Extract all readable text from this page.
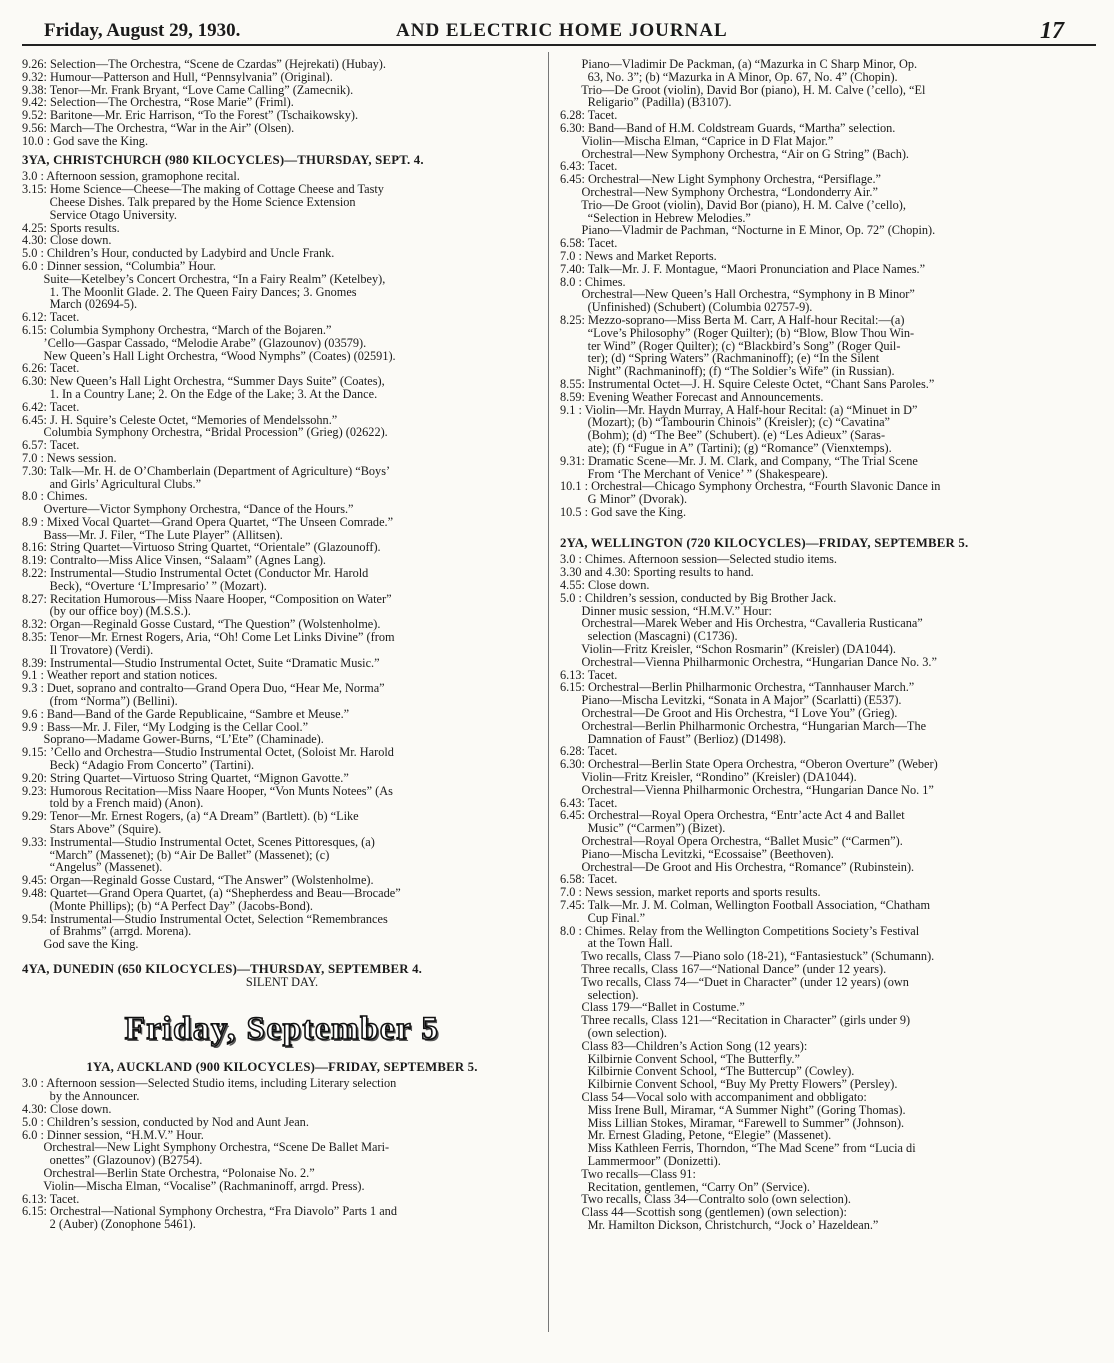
Friday, August 29, 1930.	AND ELECTRIC HOME JOURNAL	17
9.26: Selection—The Orchestra, “Scene de Czardas” (Hejrekati) (Hubay).
9.32: Humour—Patterson and Hull, “Pennsylvania” (Original).
9.38: Tenor—Mr. Frank Bryant, “Love Came Calling” (Zamecnik).
9.42: Selection—The Orchestra, “Rose Marie” (Friml).
9.52: Baritone—Mr. Eric Harrison, “To the Forest” (Tschaikowsky).
9.56: March—The Orchestra, “War in the Air” (Olsen).
10.0 : God save the King.
3YA, CHRISTCHURCH (980 KILOCYCLES)—THURSDAY, SEPT. 4.
3.0 : Afternoon session, gramophone recital.
3.15: Home Science—Cheese—The making of Cottage Cheese and Tasty
Cheese Dishes. Talk prepared by the Home Science Extension
Service Otago University.
4.25: Sports results.
4.30: Close down.
5.0 : Children’s Hour, conducted by Ladybird and Uncle Frank.
6.0 : Dinner session, “Columbia” Hour.
Suite—Ketelbey’s Concert Orchestra, “In a Fairy Realm” (Ketelbey),
1. The Moonlit Glade. 2. The Queen Fairy Dances; 3. Gnomes
March (02694-5).
6.12: Tacet.
6.15: Columbia Symphony Orchestra, “March of the Bojaren.”
’Cello—Gaspar Cassado, “Melodie Arabe” (Glazounov) (03579).
New Queen’s Hall Light Orchestra, “Wood Nymphs” (Coates) (02591).
6.26: Tacet.
6.30: New Queen’s Hall Light Orchestra, “Summer Days Suite” (Coates),
1. In a Country Lane; 2. On the Edge of the Lake; 3. At the Dance.
6.42: Tacet.
6.45: J. H. Squire’s Celeste Octet, “Memories of Mendelssohn.”
Columbia Symphony Orchestra, “Bridal Procession” (Grieg) (02622).
6.57: Tacet.
7.0 : News session.
7.30: Talk—Mr. H. de O’Chamberlain (Department of Agriculture) “Boys’
and Girls’ Agricultural Clubs.”
8.0 : Chimes.
Overture—Victor Symphony Orchestra, “Dance of the Hours.”
8.9 : Mixed Vocal Quartet—Grand Opera Quartet, “The Unseen Comrade.”
Bass—Mr. J. Filer, “The Lute Player” (Allitsen).
8.16: String Quartet—Virtuoso String Quartet, “Orientale” (Glazounoff).
8.19: Contralto—Miss Alice Vinsen, “Salaam” (Agnes Lang).
8.22: Instrumental—Studio Instrumental Octet (Conductor Mr. Harold
Beck), “Overture ‘L’Impresario’ ” (Mozart).
8.27: Recitation Humorous—Miss Naare Hooper, “Composition on Water”
(by our office boy) (M.S.S.).
8.32: Organ—Reginald Gosse Custard, “The Question” (Wolstenholme).
8.35: Tenor—Mr. Ernest Rogers, Aria, “Oh! Come Let Links Divine” (from
Il Trovatore) (Verdi).
8.39: Instrumental—Studio Instrumental Octet, Suite “Dramatic Music.”
9.1 : Weather report and station notices.
9.3 : Duet, soprano and contralto—Grand Opera Duo, “Hear Me, Norma”
(from “Norma”) (Bellini).
9.6 : Band—Band of the Garde Republicaine, “Sambre et Meuse.”
9.9 : Bass—Mr. J. Filer, “My Lodging is the Cellar Cool.”
Soprano—Madame Gower-Burns, “L’Ete” (Chaminade).
9.15: ’Cello and Orchestra—Studio Instrumental Octet, (Soloist Mr. Harold
Beck) “Adagio From Concerto” (Tartini).
9.20: String Quartet—Virtuoso String Quartet, “Mignon Gavotte.”
9.23: Humorous Recitation—Miss Naare Hooper, “Von Munts Notees” (As
told by a French maid) (Anon).
9.29: Tenor—Mr. Ernest Rogers, (a) “A Dream” (Bartlett). (b) “Like
Stars Above” (Squire).
9.33: Instrumental—Studio Instrumental Octet, Scenes Pittoresques, (a)
“March” (Massenet); (b) “Air De Ballet” (Massenet); (c)
“Angelus” (Massenet).
9.45: Organ—Reginald Gosse Custard, “The Answer” (Wolstenholme).
9.48: Quartet—Grand Opera Quartet, (a) “Shepherdess and Beau—Brocade”
(Monte Phillips); (b) “A Perfect Day” (Jacobs-Bond).
9.54: Instrumental—Studio Instrumental Octet, Selection “Remembrances
of Brahms” (arrgd. Morena).
God save the King.
4YA, DUNEDIN (650 KILOCYCLES)—THURSDAY, SEPTEMBER 4.
SILENT DAY.
Friday, September 5
1YA, AUCKLAND (900 KILOCYCLES)—FRIDAY, SEPTEMBER 5.
3.0 : Afternoon session—Selected Studio items, including Literary selection
by the Announcer.
4.30: Close down.
5.0 : Children’s session, conducted by Nod and Aunt Jean.
6.0 : Dinner session, “H.M.V.” Hour.
Orchestral—New Light Symphony Orchestra, “Scene De Ballet Mari-
onettes” (Glazounov) (B2754).
Orchestral—Berlin State Orchestra, “Polonaise No. 2.”
Violin—Mischa Elman, “Vocalise” (Rachmaninoff, arrgd. Press).
6.13: Tacet.
6.15: Orchestral—National Symphony Orchestra, “Fra Diavolo” Parts 1 and
2 (Auber) (Zonophone 5461).
Piano—Vladimir De Packman, (a) “Mazurka in C Sharp Minor, Op.
63, No. 3”; (b) “Mazurka in A Minor, Op. 67, No. 4” (Chopin).
Trio—De Groot (violin), David Bor (piano), H. M. Calve (’cello), “El
Religario” (Padilla) (B3107).
6.28: Tacet.
6.30: Band—Band of H.M. Coldstream Guards, “Martha” selection.
Violin—Mischa Elman, “Caprice in D Flat Major.”
Orchestral—New Symphony Orchestra, “Air on G String” (Bach).
6.43: Tacet.
6.45: Orchestral—New Light Symphony Orchestra, “Persiflage.”
Orchestral—New Symphony Orchestra, “Londonderry Air.”
Trio—De Groot (violin), David Bor (piano), H. M. Calve (’cello),
“Selection in Hebrew Melodies.”
Piano—Vladmir de Pachman, “Nocturne in E Minor, Op. 72” (Chopin).
6.58: Tacet.
7.0 : News and Market Reports.
7.40: Talk—Mr. J. F. Montague, “Maori Pronunciation and Place Names.”
8.0 : Chimes.
Orchestral—New Queen’s Hall Orchestra, “Symphony in B Minor”
(Unfinished) (Schubert) (Columbia 02757-9).
8.25: Mezzo-soprano—Miss Berta M. Carr, A Half-hour Recital:—(a)
“Love’s Philosophy” (Roger Quilter); (b) “Blow, Blow Thou Win-
ter Wind” (Roger Quilter); (c) “Blackbird’s Song” (Roger Quil-
ter); (d) “Spring Waters” (Rachmaninoff); (e) “In the Silent
Night” (Rachmaninoff); (f) “The Soldier’s Wife” (in Russian).
8.55: Instrumental Octet—J. H. Squire Celeste Octet, “Chant Sans Paroles.”
8.59: Evening Weather Forecast and Announcements.
9.1 : Violin—Mr. Haydn Murray, A Half-hour Recital: (a) “Minuet in D”
(Mozart); (b) “Tambourin Chinois” (Kreisler); (c) “Cavatina”
(Bohm); (d) “The Bee” (Schubert). (e) “Les Adieux” (Saras-
ate); (f) “Fugue in A” (Tartini); (g) “Romance” (Vienxtemps).
9.31: Dramatic Scene—Mr. J. M. Clark, and Company, “The Trial Scene
From ‘The Merchant of Venice’ ” (Shakespeare).
10.1 : Orchestral—Chicago Symphony Orchestra, “Fourth Slavonic Dance in
G Minor” (Dvorak).
10.5 : God save the King.
2YA, WELLINGTON (720 KILOCYCLES)—FRIDAY, SEPTEMBER 5.
3.0 : Chimes. Afternoon session—Selected studio items.
3.30 and 4.30: Sporting results to hand.
4.55: Close down.
5.0 : Children’s session, conducted by Big Brother Jack.
Dinner music session, “H.M.V.” Hour:
Orchestral—Marek Weber and His Orchestra, “Cavalleria Rusticana”
selection (Mascagni) (C1736).
Violin—Fritz Kreisler, “Schon Rosmarin” (Kreisler) (DA1044).
Orchestral—Vienna Philharmonic Orchestra, “Hungarian Dance No. 3.”
6.13: Tacet.
6.15: Orchestral—Berlin Philharmonic Orchestra, “Tannhauser March.”
Piano—Mischa Levitzki, “Sonata in A Major” (Scarlatti) (E537).
Orchestral—De Groot and His Orchestra, “I Love You” (Grieg).
Orchestral—Berlin Philharmonic Orchestra, “Hungarian March—The
Damnation of Faust” (Berlioz) (D1498).
6.28: Tacet.
6.30: Orchestral—Berlin State Opera Orchestra, “Oberon Overture” (Weber)
Violin—Fritz Kreisler, “Rondino” (Kreisler) (DA1044).
Orchestral—Vienna Philharmonic Orchestra, “Hungarian Dance No. 1”
6.43: Tacet.
6.45: Orchestral—Royal Opera Orchestra, “Entr’acte Act 4 and Ballet
Music” (“Carmen”) (Bizet).
Orchestral—Royal Opera Orchestra, “Ballet Music” (“Carmen”).
Piano—Mischa Levitzki, “Ecossaise” (Beethoven).
Orchestral—De Groot and His Orchestra, “Romance” (Rubinstein).
6.58: Tacet.
7.0 : News session, market reports and sports results.
7.45: Talk—Mr. J. M. Colman, Wellington Football Association, “Chatham
Cup Final.”
8.0 : Chimes. Relay from the Wellington Competitions Society’s Festival
at the Town Hall.
Two recalls, Class 7—Piano solo (18-21), “Fantasiestuck” (Schumann).
Three recalls, Class 167—“National Dance” (under 12 years).
Two recalls, Class 74—“Duet in Character” (under 12 years) (own
selection).
Class 179—“Ballet in Costume.”
Three recalls, Class 121—“Recitation in Character” (girls under 9)
(own selection).
Class 83—Children’s Action Song (12 years):
Kilbirnie Convent School, “The Butterfly.”
Kilbirnie Convent School, “The Buttercup” (Cowley).
Kilbirnie Convent School, “Buy My Pretty Flowers” (Persley).
Class 54—Vocal solo with accompaniment and obbligato:
Miss Irene Bull, Miramar, “A Summer Night” (Goring Thomas).
Miss Lillian Stokes, Miramar, “Farewell to Summer” (Johnson).
Mr. Ernest Glading, Petone, “Elegie” (Massenet).
Miss Kathleen Ferris, Thorndon, “The Mad Scene” from “Lucia di
Lammermoor” (Donizetti).
Two recalls—Class 91:
Recitation, gentlemen, “Carry On” (Service).
Two recalls, Class 34—Contralto solo (own selection).
Class 44—Scottish song (gentlemen) (own selection):
Mr. Hamilton Dickson, Christchurch, “Jock o’ Hazeldean.”
